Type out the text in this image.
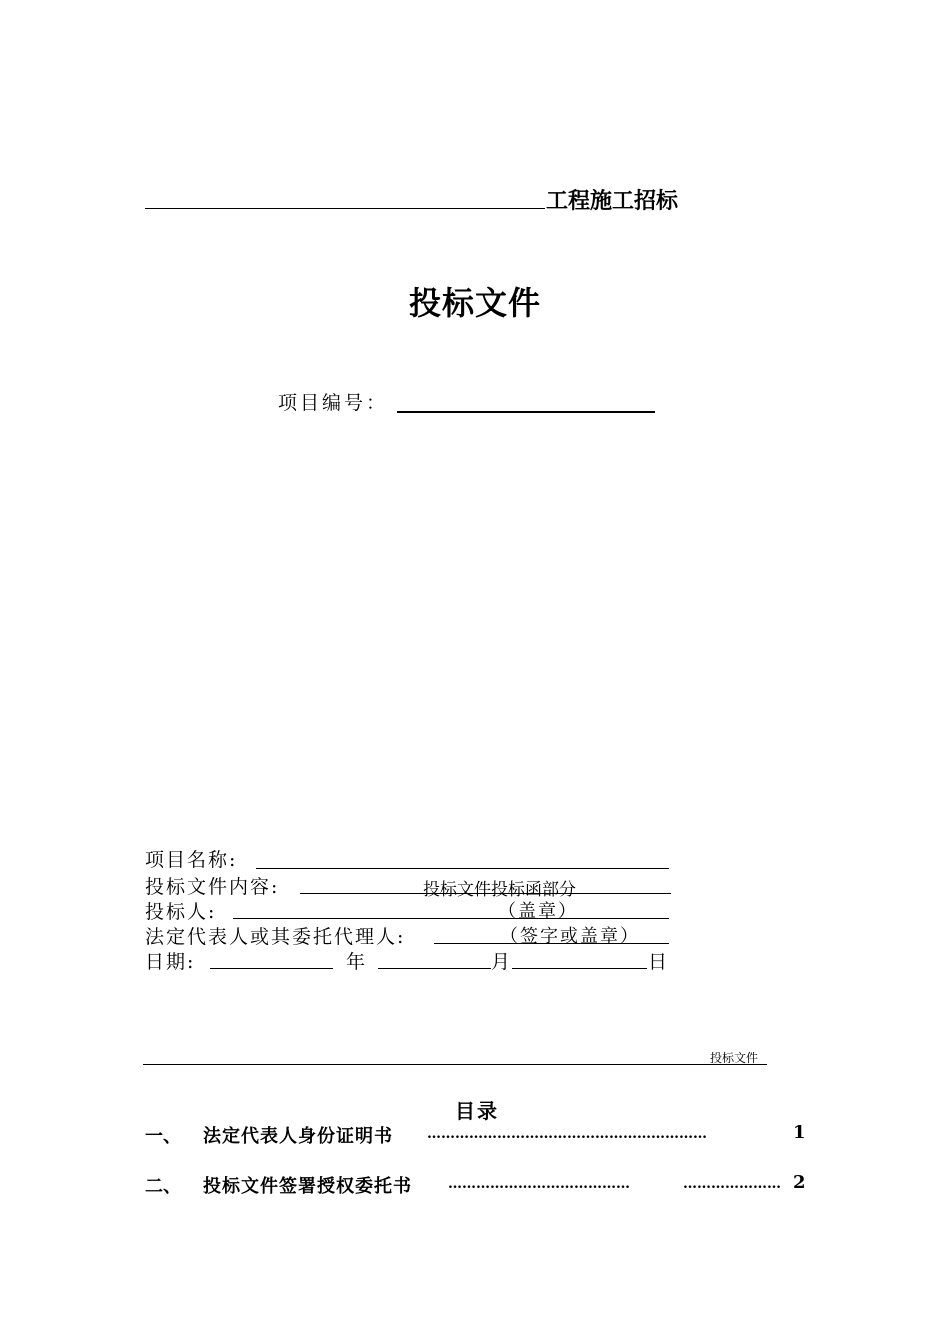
工程施工招标
投标文件
项目编号：
项目名称:
投标文件内容:	投标文件投标函部分
投标人:	（盖章）
法定代表人或其委托代理人:	（签字或盖章）
日期:	年	月	日
投标文件
目录
一、 法定代表人身份证明书 ……………………………………………………	1
二、 投标文件签署授权委托书	…………………………………	………………… 2
